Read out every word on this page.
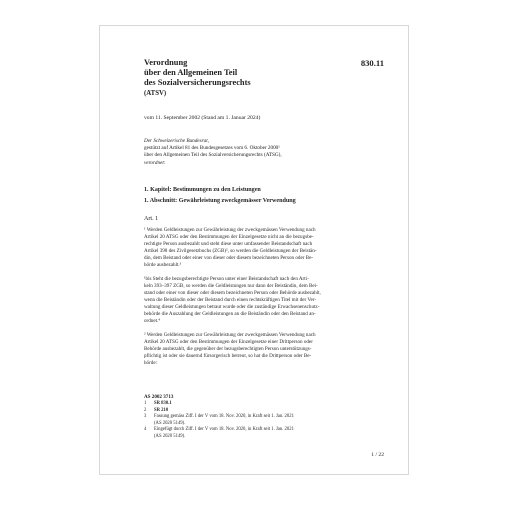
Verordnung
über den Allgemeinen Teil
des Sozialversicherungsrechts
(ATSV)
830.11
vom 11. September 2002 (Stand am 1. Januar 2024)
Der Schweizerische Bundesrat,
gestützt auf Artikel 81 des Bundesgesetzes vom 6. Oktober 2000¹
über den Allgemeinen Teil des Sozialversicherungsrechts (ATSG),
verordnet:
1. Kapitel: Bestimmungen zu den Leistungen
1. Abschnitt: Gewährleistung zweckgemässer Verwendung
Art. 1
¹ Werden Geldleistungen zur Gewährleistung der zweckgemässen Verwendung nach
Artikel 20 ATSG oder den Bestimmungen der Einzelgesetze nicht an die bezugsbe-
rechtigte Person ausbezahlt und steht diese unter umfassender Beistandschaft nach
Artikel 398 des Zivilgesetzbuchs (ZGB)², so werden die Geldleistungen der Beistän-
din, dem Beistand oder einer von dieser oder diesem bezeichneten Person oder Be-
hörde ausbezahlt.³
¹bis Steht die bezugsberechtigte Person unter einer Beistandschaft nach den Arti-
keln 393–397 ZGB, so werden die Geldleistungen nur dann der Beiständin, dem Bei-
stand oder einer von dieser oder diesem bezeichneten Person oder Behörde ausbezahlt,
wenn die Beiständin oder der Beistand durch einen rechtskräftigen Titel mit der Ver-
waltung dieser Geldleistungen betraut wurde oder die zuständige Erwachsenenschutz-
behörde die Auszahlung der Geldleistungen an die Beiständin oder den Beistand an-
ordnet.⁴
² Werden Geldleistungen zur Gewährleistung der zweckgemässen Verwendung nach
Artikel 20 ATSG oder den Bestimmungen der Einzelgesetze einer Drittperson oder
Behörde ausbezahlt, die gegenüber der bezugsberechtigten Person unterstützungs-
pflichtig ist oder sie dauernd fürsorgerisch betreut, so hat die Drittperson oder Be-
hörde:
AS 2002 3713
1	SR 830.1
2	SR 210
3	Fassung gemäss Ziff. I der V vom 18. Nov. 2020, in Kraft seit 1. Jan. 2021
(AS 2020 5149).
4	Eingefügt durch Ziff. I der V vom 18. Nov. 2020, in Kraft seit 1. Jan. 2021
(AS 2020 5149).
1 / 22
